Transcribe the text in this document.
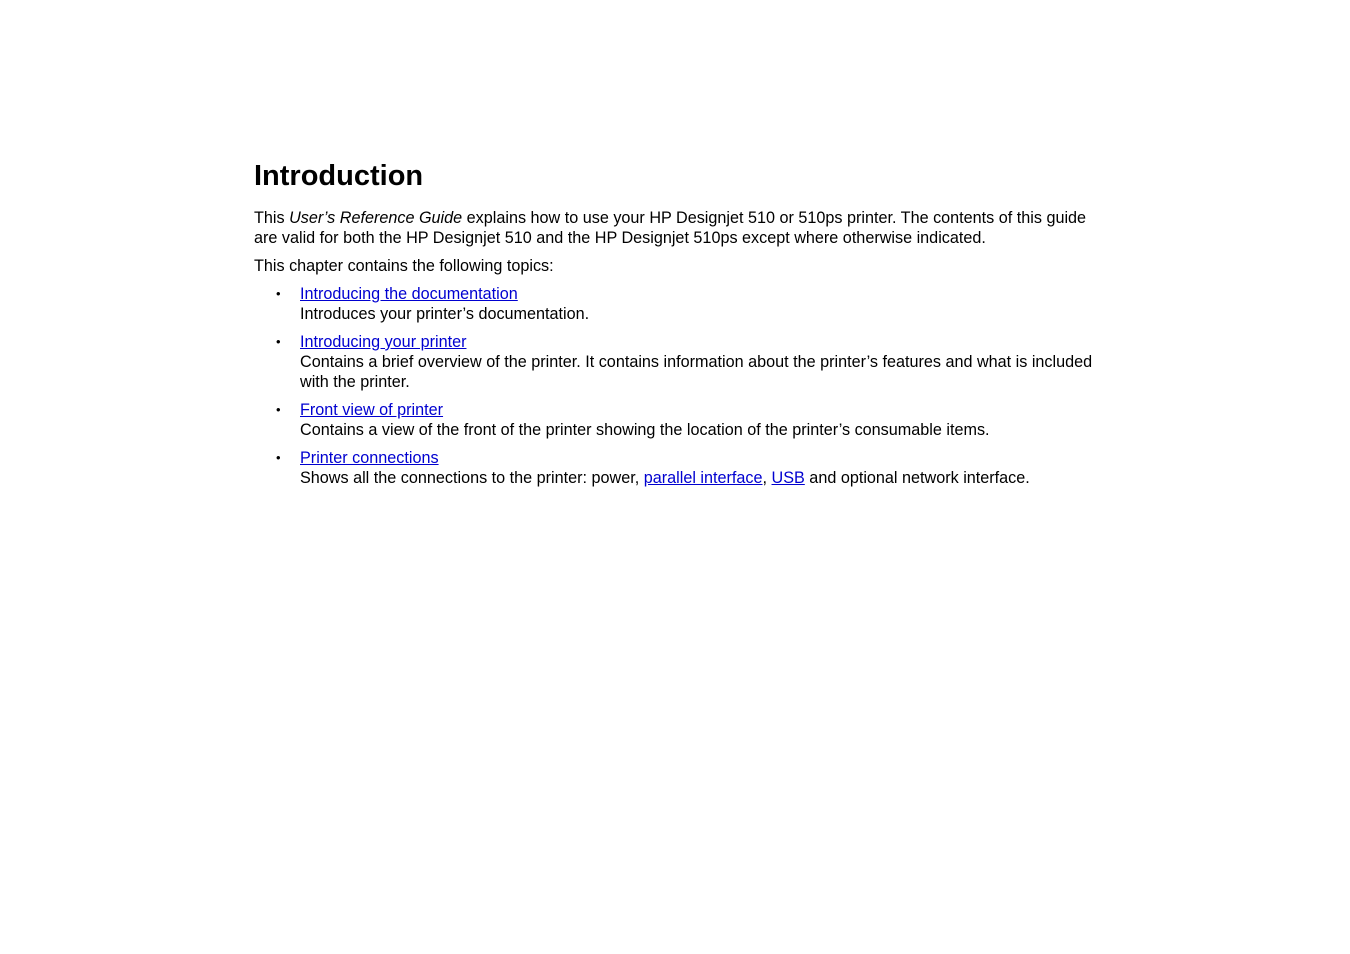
Introduction

This User’s Reference Guide explains how to use your HP Designjet 510 or 510ps printer. The contents of this guide are valid for both the HP Designjet 510 and the HP Designjet 510ps except where otherwise indicated.

This chapter contains the following topics:

• Introducing the documentation
Introduces your printer’s documentation.
• Introducing your printer
Contains a brief overview of the printer. It contains information about the printer’s features and what is included with the printer.
• Front view of printer
Contains a view of the front of the printer showing the location of the printer’s consumable items.
• Printer connections
Shows all the connections to the printer: power, parallel interface, USB and optional network interface.
